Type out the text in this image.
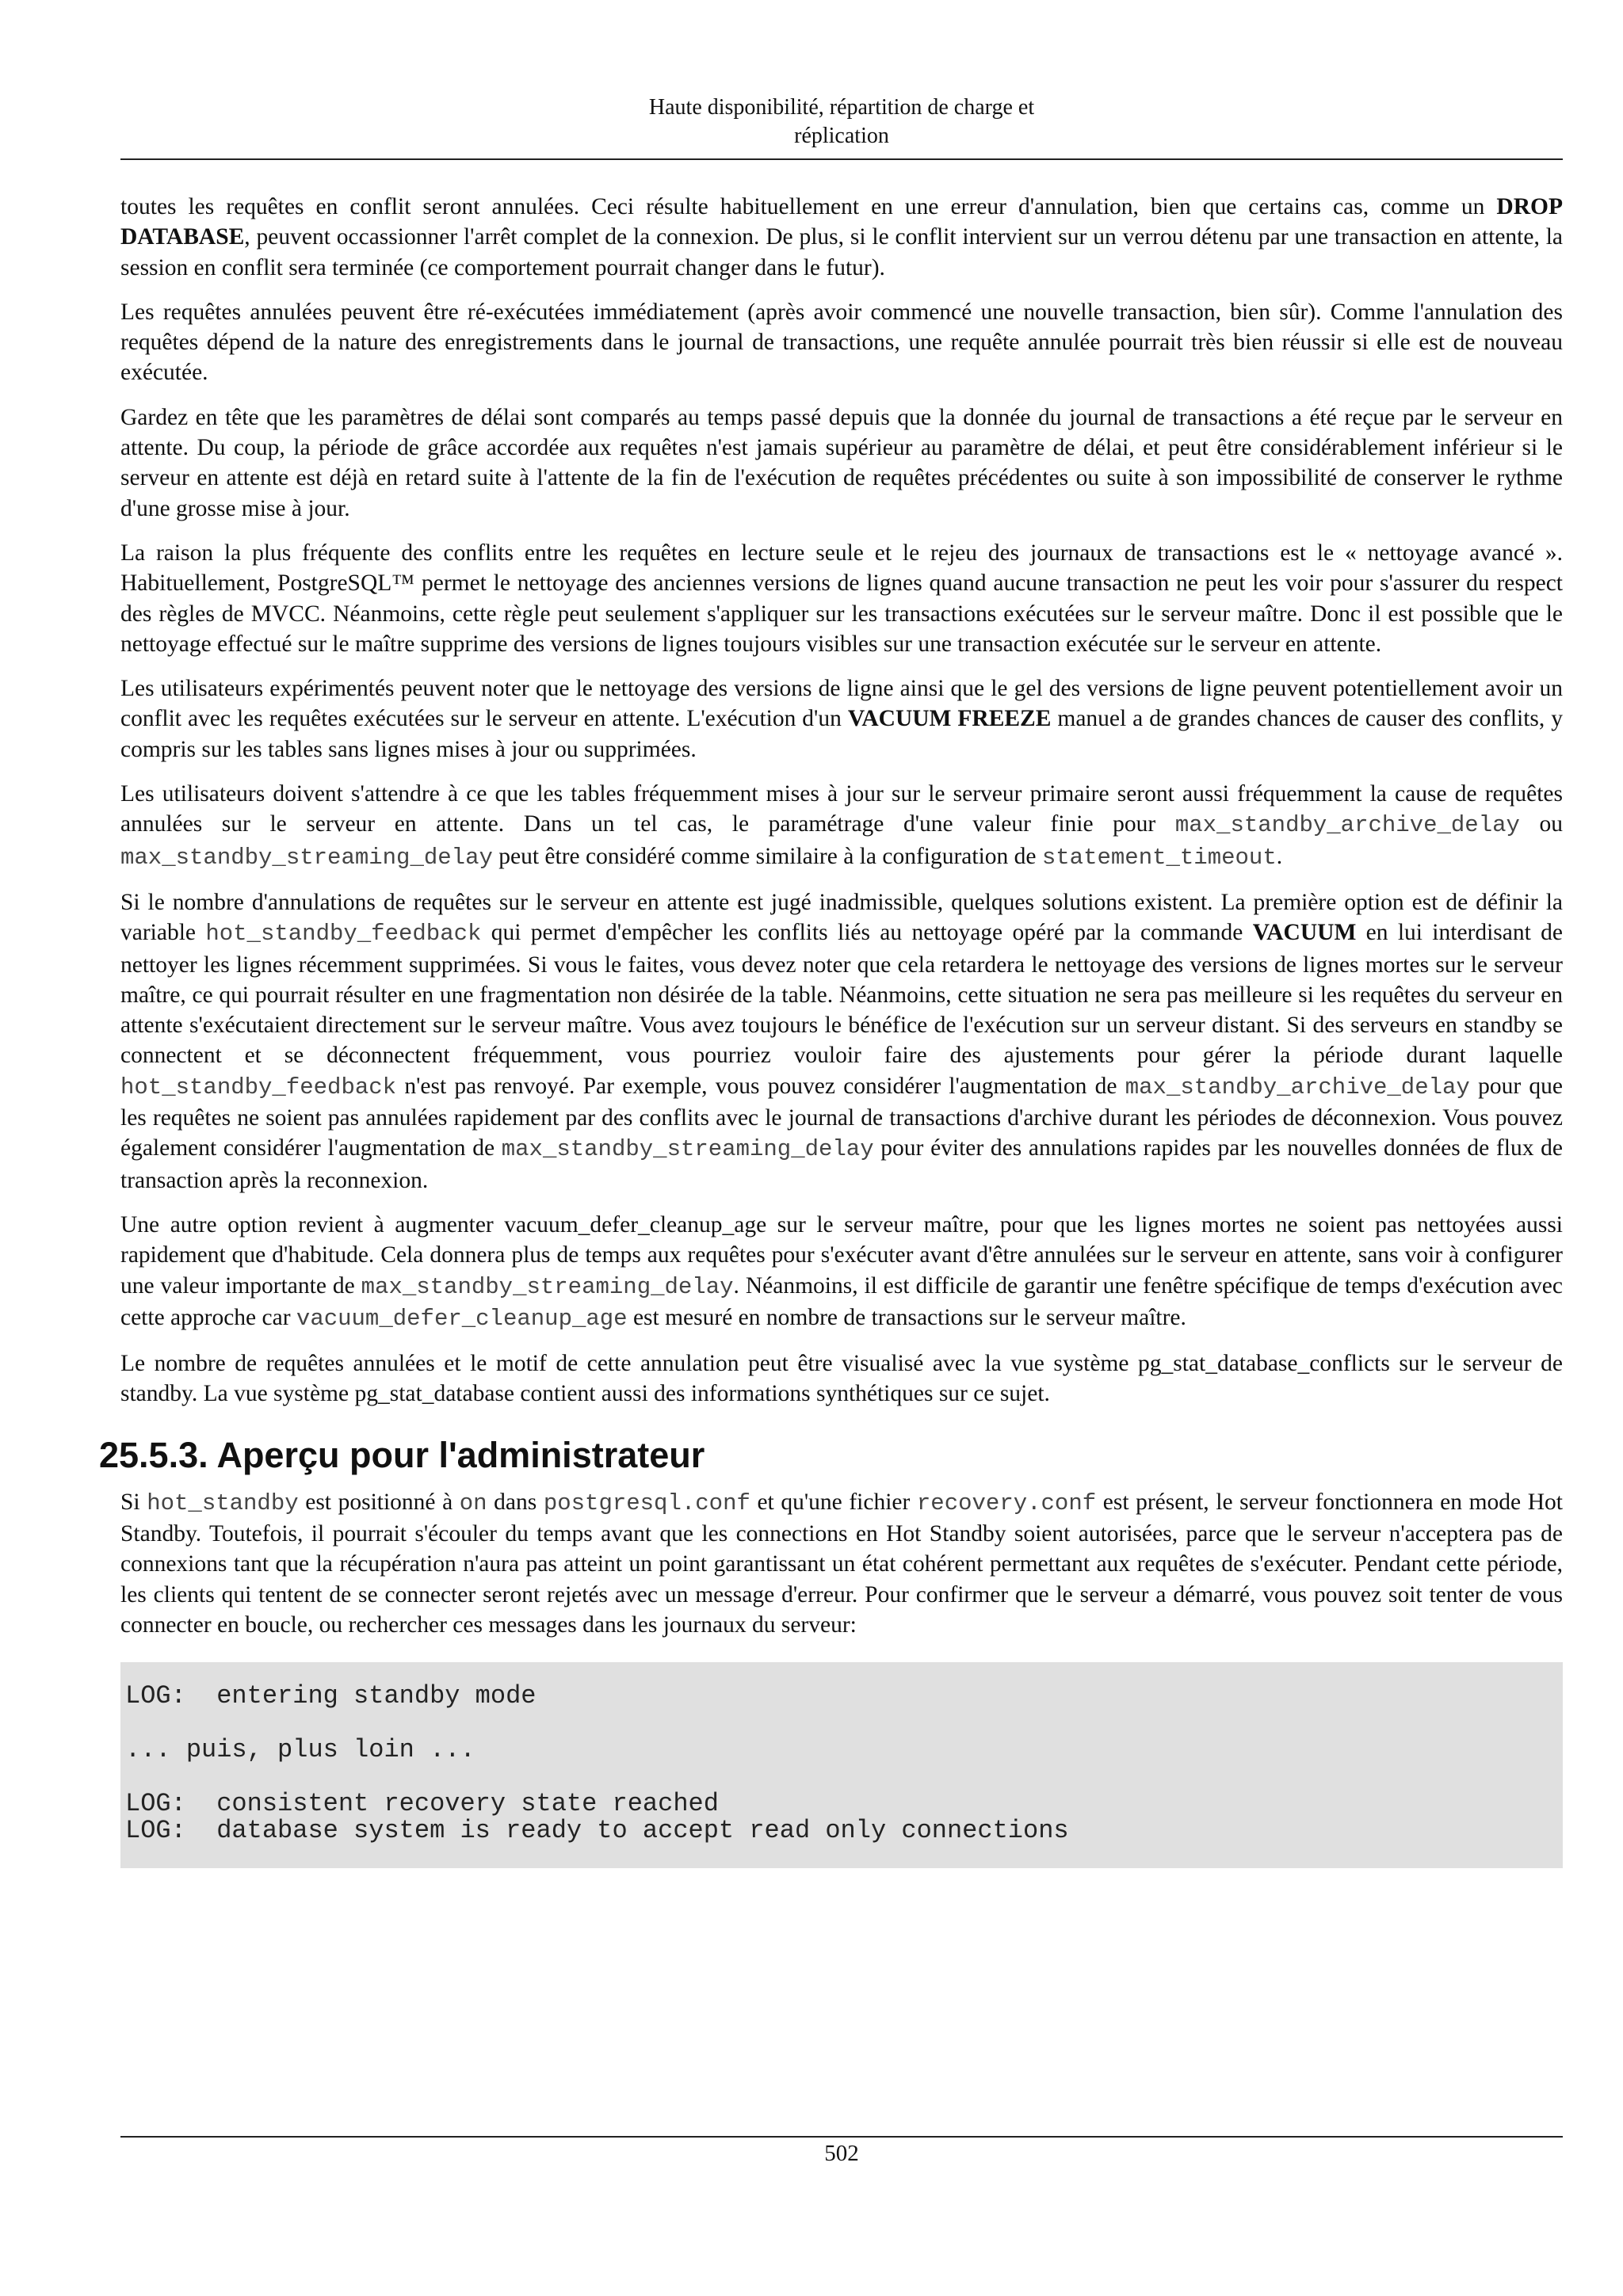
Haute disponibilité, répartition de charge et
réplication

toutes les requêtes en conflit seront annulées. Ceci résulte habituellement en une erreur d'annulation, bien que certains cas, comme un DROP DATABASE, peuvent occassionner l'arrêt complet de la connexion. De plus, si le conflit intervient sur un verrou détenu par une transaction en attente, la session en conflit sera terminée (ce comportement pourrait changer dans le futur).

Les requêtes annulées peuvent être ré-exécutées immédiatement (après avoir commencé une nouvelle transaction, bien sûr). Comme l'annulation des requêtes dépend de la nature des enregistrements dans le journal de transactions, une requête annulée pourrait très bien réussir si elle est de nouveau exécutée.

Gardez en tête que les paramètres de délai sont comparés au temps passé depuis que la donnée du journal de transactions a été reçue par le serveur en attente. Du coup, la période de grâce accordée aux requêtes n'est jamais supérieur au paramètre de délai, et peut être considérablement inférieur si le serveur en attente est déjà en retard suite à l'attente de la fin de l'exécution de requêtes précédentes ou suite à son impossibilité de conserver le rythme d'une grosse mise à jour.

La raison la plus fréquente des conflits entre les requêtes en lecture seule et le rejeu des journaux de transactions est le « nettoyage avancé ». Habituellement, PostgreSQL™ permet le nettoyage des anciennes versions de lignes quand aucune transaction ne peut les voir pour s'assurer du respect des règles de MVCC. Néanmoins, cette règle peut seulement s'appliquer sur les transactions exécutées sur le serveur maître. Donc il est possible que le nettoyage effectué sur le maître supprime des versions de lignes toujours visibles sur une transaction exécutée sur le serveur en attente.

Les utilisateurs expérimentés peuvent noter que le nettoyage des versions de ligne ainsi que le gel des versions de ligne peuvent potentiellement avoir un conflit avec les requêtes exécutées sur le serveur en attente. L'exécution d'un VACUUM FREEZE manuel a de grandes chances de causer des conflits, y compris sur les tables sans lignes mises à jour ou supprimées.

Les utilisateurs doivent s'attendre à ce que les tables fréquemment mises à jour sur le serveur primaire seront aussi fréquemment la cause de requêtes annulées sur le serveur en attente. Dans un tel cas, le paramétrage d'une valeur finie pour max_standby_archive_delay ou max_standby_streaming_delay peut être considéré comme similaire à la configuration de statement_timeout.

Si le nombre d'annulations de requêtes sur le serveur en attente est jugé inadmissible, quelques solutions existent. La première option est de définir la variable hot_standby_feedback qui permet d'empêcher les conflits liés au nettoyage opéré par la commande VACUUM en lui interdisant de nettoyer les lignes récemment supprimées. Si vous le faites, vous devez noter que cela retardera le nettoyage des versions de lignes mortes sur le serveur maître, ce qui pourrait résulter en une fragmentation non désirée de la table. Néanmoins, cette situation ne sera pas meilleure si les requêtes du serveur en attente s'exécutaient directement sur le serveur maître. Vous avez toujours le bénéfice de l'exécution sur un serveur distant. Si des serveurs en standby se connectent et se déconnectent fréquemment, vous pourriez vouloir faire des ajustements pour gérer la période durant laquelle hot_standby_feedback n'est pas renvoyé. Par exemple, vous pouvez considérer l'augmentation de max_standby_archive_delay pour que les requêtes ne soient pas annulées rapidement par des conflits avec le journal de transactions d'archive durant les périodes de déconnexion. Vous pouvez également considérer l'augmentation de max_standby_streaming_delay pour éviter des annulations rapides par les nouvelles données de flux de transaction après la reconnexion.

Une autre option revient à augmenter vacuum_defer_cleanup_age sur le serveur maître, pour que les lignes mortes ne soient pas nettoyées aussi rapidement que d'habitude. Cela donnera plus de temps aux requêtes pour s'exécuter avant d'être annulées sur le serveur en attente, sans voir à configurer une valeur importante de max_standby_streaming_delay. Néanmoins, il est difficile de garantir une fenêtre spécifique de temps d'exécution avec cette approche car vacuum_defer_cleanup_age est mesuré en nombre de transactions sur le serveur maître.

Le nombre de requêtes annulées et le motif de cette annulation peut être visualisé avec la vue système pg_stat_database_conflicts sur le serveur de standby. La vue système pg_stat_database contient aussi des informations synthétiques sur ce sujet.

25.5.3. Aperçu pour l'administrateur

Si hot_standby est positionné à on dans postgresql.conf et qu'une fichier recovery.conf est présent, le serveur fonctionnera en mode Hot Standby. Toutefois, il pourrait s'écouler du temps avant que les connections en Hot Standby soient autorisées, parce que le serveur n'acceptera pas de connexions tant que la récupération n'aura pas atteint un point garantissant un état cohérent permettant aux requêtes de s'exécuter. Pendant cette période, les clients qui tentent de se connecter seront rejetés avec un message d'erreur. Pour confirmer que le serveur a démarré, vous pouvez soit tenter de vous connecter en boucle, ou rechercher ces messages dans les journaux du serveur:

LOG:  entering standby mode
... puis, plus loin ...
LOG:  consistent recovery state reached
LOG:  database system is ready to accept read only connections
502
